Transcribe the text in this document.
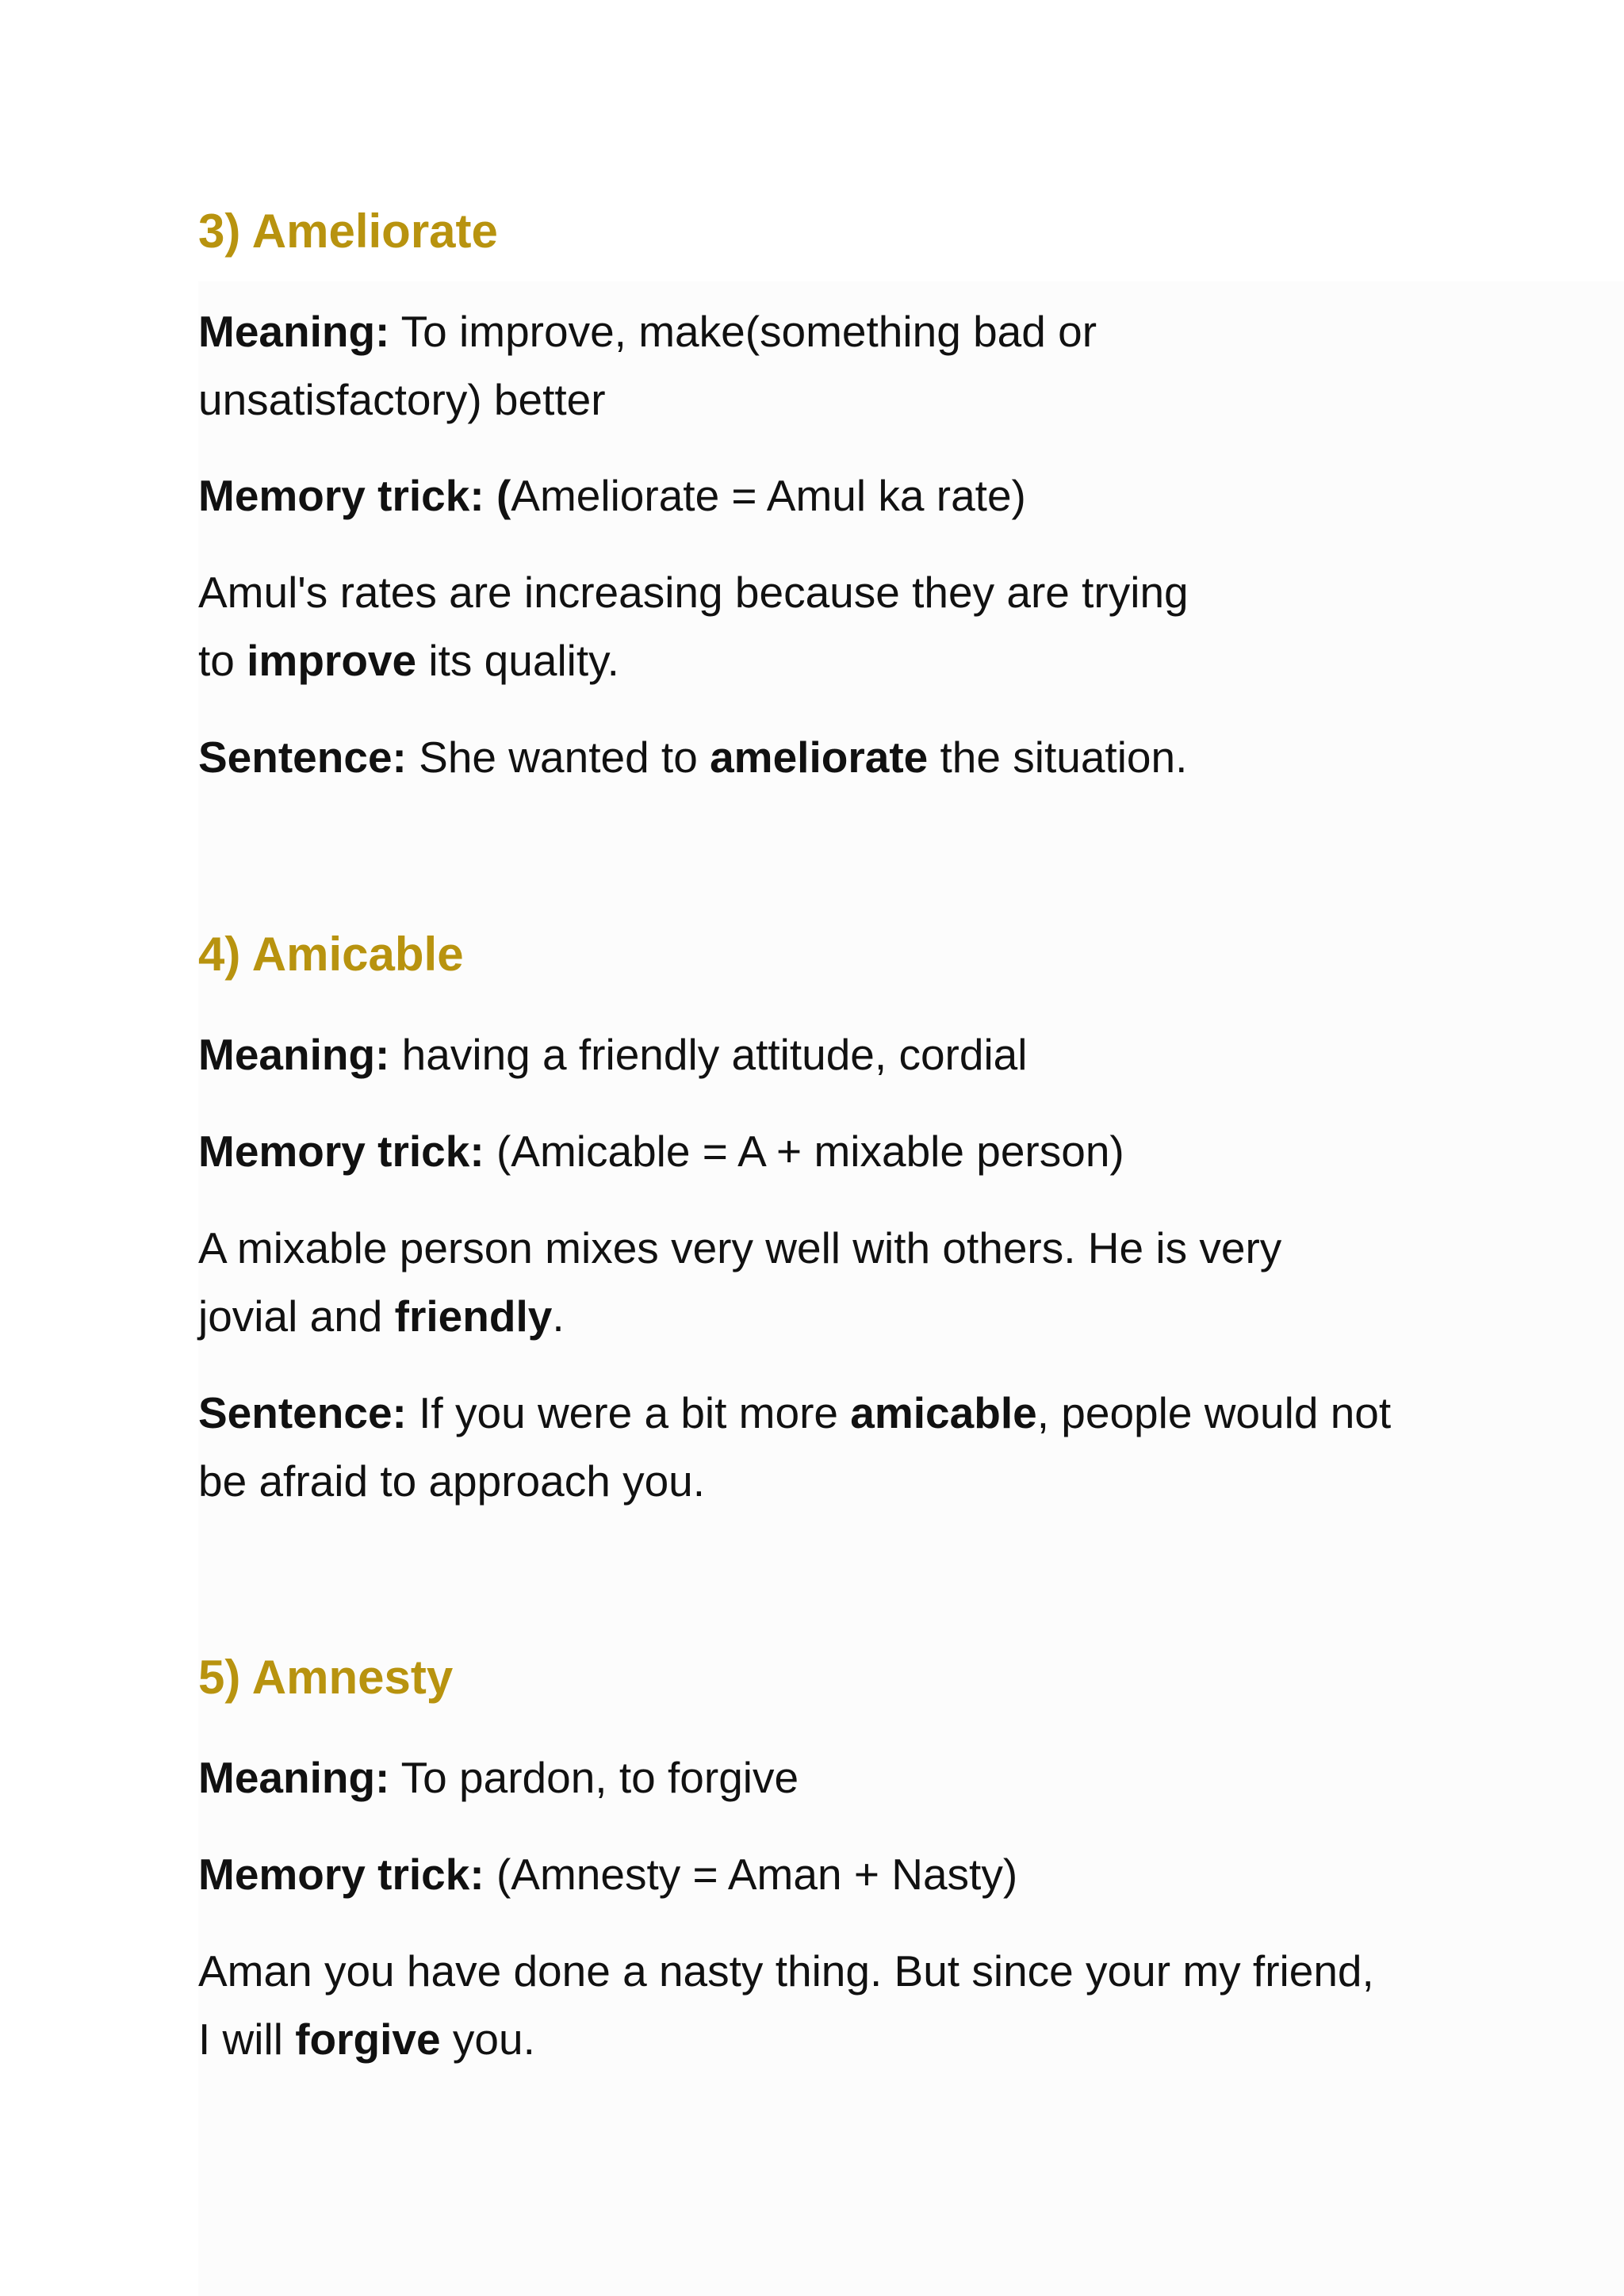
3) Ameliorate

Meaning: To improve, make(something bad or

unsatisfactory) better

Memory trick: (Ameliorate = Amul ka rate)

Amul's rates are increasing because they are trying

to improve its quality.

Sentence: She wanted to ameliorate the situation.

4) Amicable

Meaning: having a friendly attitude, cordial

Memory trick: (Amicable = A + mixable person)

A mixable person mixes very well with others. He is very

jovial and friendly.

Sentence: If you were a bit more amicable, people would not

be afraid to approach you.

5) Amnesty

Meaning: To pardon, to forgive

Memory trick: (Amnesty = Aman + Nasty)

Aman you have done a nasty thing. But since your my friend,

I will forgive you.
